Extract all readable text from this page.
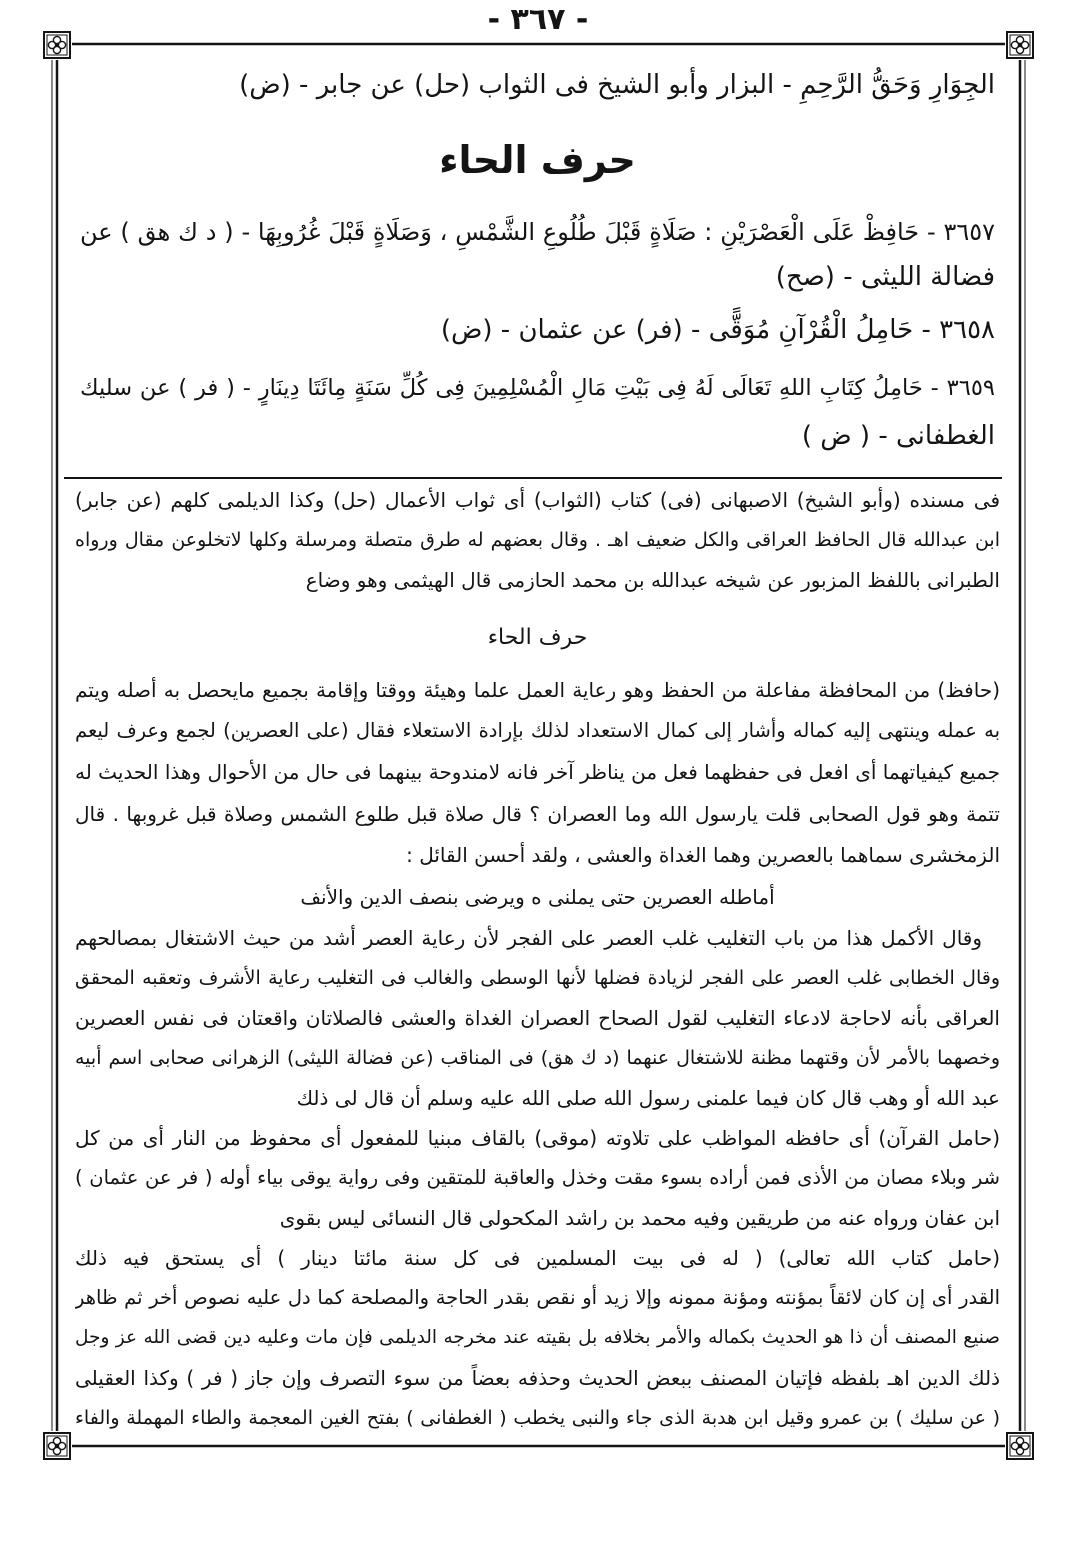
- ٣٦٧ -
الجِوَارِ وَحَقُّ الرَّحِمِ - البزار وأبو الشيخ فى الثواب (حل) عن جابر - (ض)
حرف الحاء
٣٦٥٧ - حَافِظْ عَلَى الْعَصْرَيْنِ : صَلَاةٍ قَبْلَ طُلُوعِ الشَّمْسِ ، وَصَلَاةٍ قَبْلَ غُرُوبِهَا - ( د ك هق ) عن
فضالة الليثى - (صح)
٣٦٥٨ - حَامِلُ الْقُرْآنِ مُوَقًّى - (فر) عن عثمان - (ض)
٣٦٥٩ - حَامِلُ كِتَابِ اللهِ تَعَالَى لَهُ فِى بَيْتِ مَالِ الْمُسْلِمِينَ فِى كُلِّ سَنَةٍ مِائَتَا دِينَارٍ - ( فر ) عن سليك
الغطفانى - ( ض )
فى مسنده (وأبو الشيخ) الاصبهانى (فى) كتاب (الثواب) أى ثواب الأعمال (حل) وكذا الديلمى كلهم (عن جابر)
ابن عبدالله قال الحافظ العراقى والكل ضعيف اهـ . وقال بعضهم له طرق متصلة ومرسلة وكلها لاتخلوعن مقال ورواه
الطبرانى باللفظ المزبور عن شيخه عبدالله بن محمد الحازمى قال الهيثمى وهو وضاع
حرف الحاء
(حافظ) من المحافظة مفاعلة من الحفظ وهو رعاية العمل علما وهيئة ووقتا وإقامة بجميع مايحصل به أصله ويتم
به عمله وينتهى إليه كماله وأشار إلى كمال الاستعداد لذلك بإرادة الاستعلاء فقال (على العصرين) لجمع وعرف ليعم
جميع كيفياتهما أى افعل فى حفظهما فعل من يناظر آخر فانه لامندوحة بينهما فى حال من الأحوال وهذا الحديث له
تتمة وهو قول الصحابى قلت يارسول الله وما العصران ؟ قال صلاة قبل طلوع الشمس وصلاة قبل غروبها . قال
الزمخشرى سماهما بالعصرين وهما الغداة والعشى ، ولقد أحسن القائل :
أماطله العصرين حتى يملنى ه ويرضى بنصف الدين والأنف
وقال الأكمل هذا من باب التغليب غلب العصر على الفجر لأن رعاية العصر أشد من حيث الاشتغال بمصالحهم
وقال الخطابى غلب العصر على الفجر لزيادة فضلها لأنها الوسطى والغالب فى التغليب رعاية الأشرف وتعقبه المحقق
العراقى بأنه لاحاجة لادعاء التغليب لقول الصحاح العصران الغداة والعشى فالصلاتان واقعتان فى نفس العصرين
وخصهما بالأمر لأن وقتهما مظنة للاشتغال عنهما (د ك هق) فى المناقب (عن فضالة الليثى) الزهرانى صحابى اسم أبيه
عبد الله أو وهب قال كان فيما علمنى رسول الله صلى الله عليه وسلم أن قال لى ذلك
(حامل القرآن) أى حافظه المواظب على تلاوته (موقى) بالقاف مبنيا للمفعول أى محفوظ من النار أى من كل
شر وبلاء مصان من الأذى فمن أراده بسوء مقت وخذل والعاقبة للمتقين وفى رواية يوقى بياء أوله ( فر عن عثمان )
ابن عفان ورواه عنه من طريقين وفيه محمد بن راشد المكحولى قال النسائى ليس بقوى
(حامل كتاب الله تعالى) ( له فى بيت المسلمين فى كل سنة مائتا دينار ) أى يستحق فيه ذلك
القدر أى إن كان لائقاً بمؤنته ومؤنة ممونه وإلا زيد أو نقص بقدر الحاجة والمصلحة كما دل عليه نصوص أخر ثم ظاهر
صنيع المصنف أن ذا هو الحديث بكماله والأمر بخلافه بل بقيته عند مخرجه الديلمى فإن مات وعليه دين قضى الله عز وجل
ذلك الدين اهـ بلفظه فإتيان المصنف ببعض الحديث وحذفه بعضاً من سوء التصرف وإن جاز ( فر ) وكذا العقيلى
( عن سليك ) بن عمرو وقيل ابن هدبة الذى جاء والنبى يخطب ( الغطفانى ) بفتح الغين المعجمة والطاء المهملة والفاء
